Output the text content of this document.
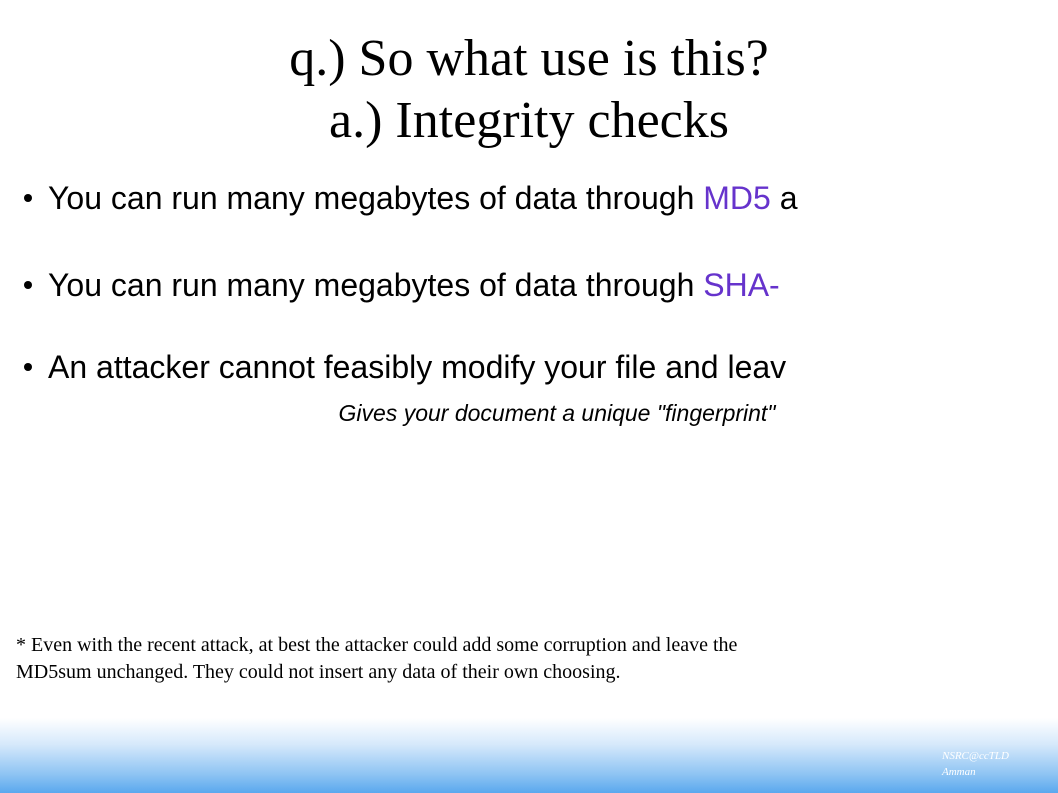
q.) So what use is this?
a.) Integrity checks
You can run many megabytes of data through MD5 a
You can run many megabytes of data through SHA-
An attacker cannot feasibly modify your file and leav
Gives your document a unique "fingerprint"
* Even with the recent attack, at best the attacker could add some corruption and leave the
MD5sum unchanged. They could not insert any data of their own choosing.
NSRC@ccTLD
Amman
